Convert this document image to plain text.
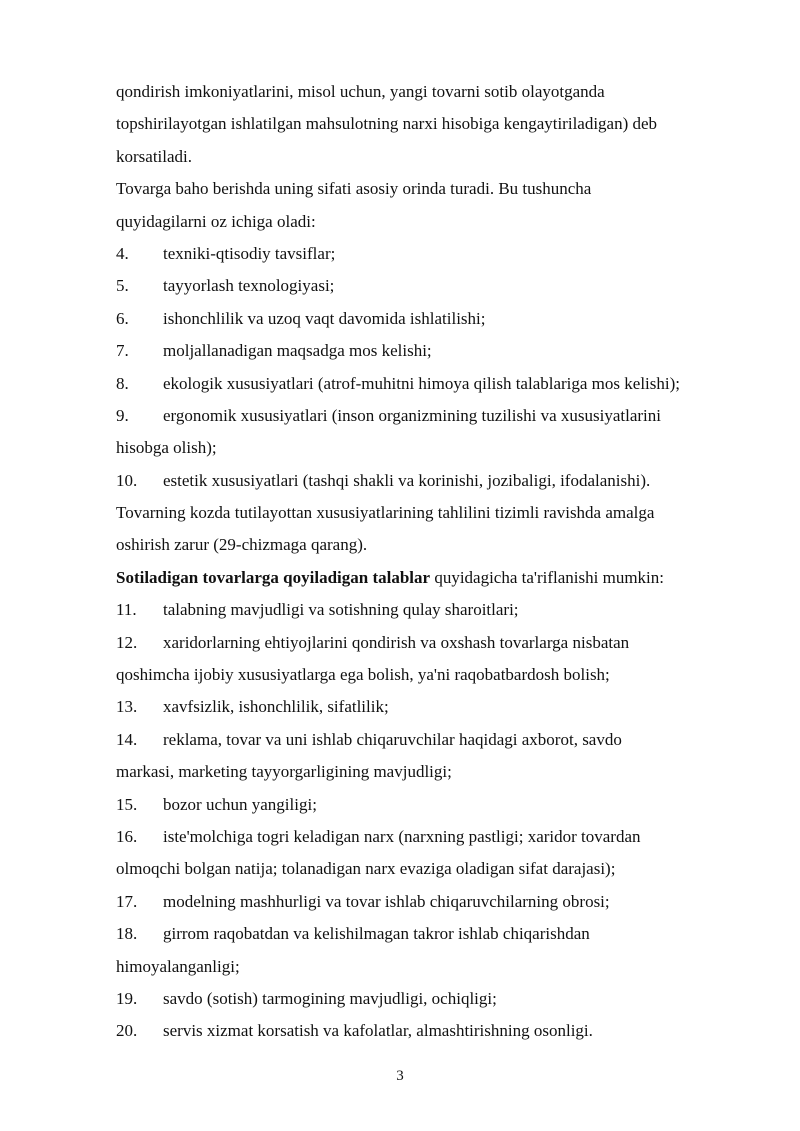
qondirish imkoniyatlarini, misol uchun, yangi tovarni sotib olayotganda
topshirilayotgan ishlatilgan mahsulotning narxi hisobiga kengaytiriladigan) deb
korsatiladi.
Tovarga baho berishda uning sifati asosiy orinda turadi. Bu tushuncha
quyidagilarni oz ichiga oladi:
4. texniki-qtisodiy tavsiflar;
5. tayyorlash texnologiyasi;
6. ishonchlilik va uzoq vaqt davomida ishlatilishi;
7. moljallanadigan maqsadga mos kelishi;
8. ekologik xususiyatlari (atrof-muhitni himoya qilish talablariga mos kelishi);
9. ergonomik xususiyatlari (inson organizmining tuzilishi va xususiyatlarini
hisobga olish);
10. estetik xususiyatlari (tashqi shakli va korinishi, jozibaligi, ifodalanishi).
Tovarning kozda tutilayottan xususiyatlarining tahlilini tizimli ravishda amalga
oshirish zarur (29-chizmaga qarang).
Sotiladigan tovarlarga qoyiladigan talablar quyidagicha ta'riflanishi mumkin:
11. talabning mavjudligi va sotishning qulay sharoitlari;
12. xaridorlarning ehtiyojlarini qondirish va oxshash tovarlarga nisbatan
qoshimcha ijobiy xususiyatlarga ega bolish, ya'ni raqobatbardosh bolish;
13. xavfsizlik, ishonchlilik, sifatlilik;
14. reklama, tovar va uni ishlab chiqaruvchilar haqidagi axborot, savdo
markasi, marketing tayyorgarligining mavjudligi;
15. bozor uchun yangiligi;
16. iste'molchiga togri keladigan narx (narxning pastligi; xaridor tovardan
olmoqchi bolgan natija; tolanadigan narx evaziga oladigan sifat darajasi);
17. modelning mashhurligi va tovar ishlab chiqaruvchilarning obrosi;
18. girrom raqobatdan va kelishilmagan takror ishlab chiqarishdan
himoyalanganligi;
19. savdo (sotish) tarmogining mavjudligi, ochiqligi;
20. servis xizmat korsatish va kafolatlar, almashtirishning osonligi.
3
